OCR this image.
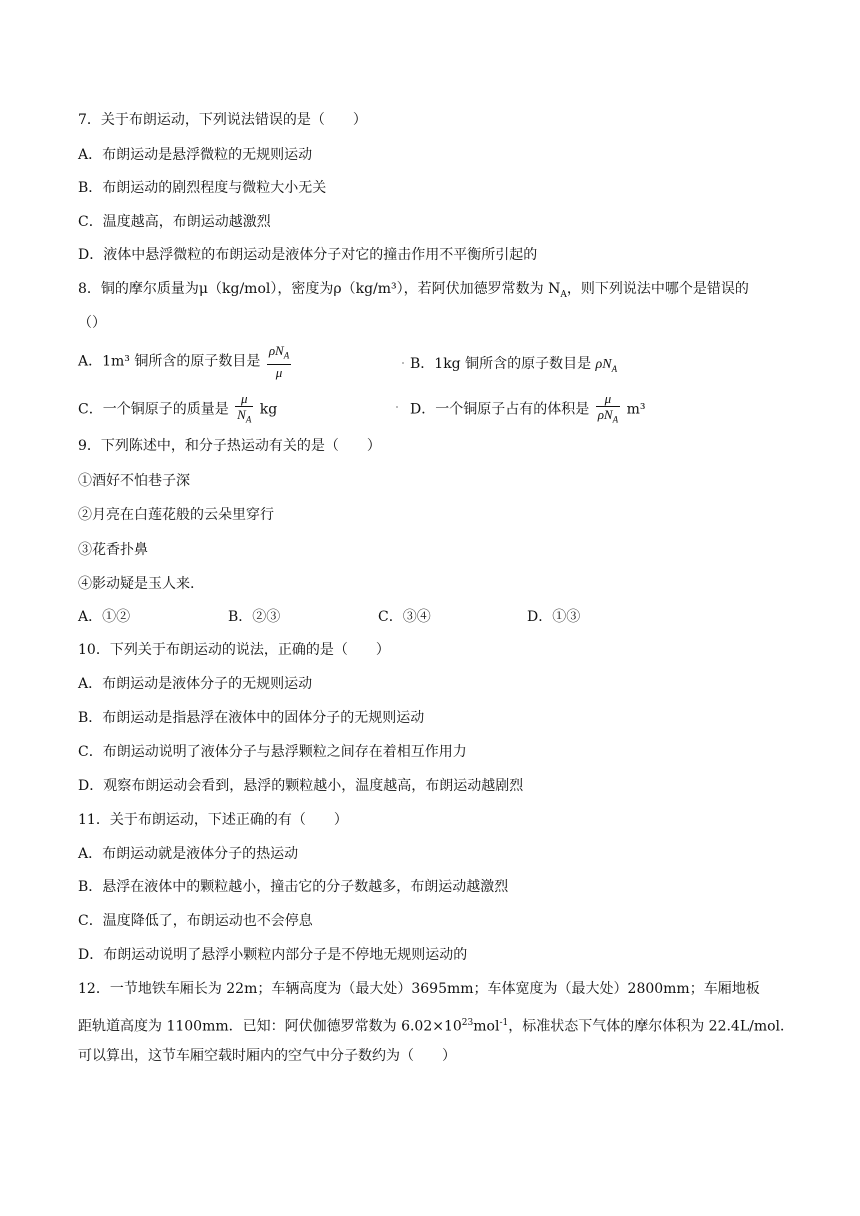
7．关于布朗运动，下列说法错误的是（　　）
A．布朗运动是悬浮微粒的无规则运动
B．布朗运动的剧烈程度与微粒大小无关
C．温度越高，布朗运动越激烈
D．液体中悬浮微粒的布朗运动是液体分子对它的撞击作用不平衡所引起的
8．铜的摩尔质量为μ（kg/mol），密度为ρ（kg/m³），若阿伏加德罗常数为 $N_A$，则下列说法中哪个是错误的
（）
A．1m³ 铜所含的原子数目是 $\frac{\rho N_A}{\mu}$	B．1kg 铜所含的原子数目是 $\rho N_A$
C．一个铜原子的质量是 $\frac{\mu}{N_A}$ kg	D．一个铜原子占有的体积是 $\frac{\mu}{\rho N_A} m^3$
9．下列陈述中，和分子热运动有关的是（　　）
①酒好不怕巷子深
②月亮在白莲花般的云朵里穿行
③花香扑鼻
④影动疑是玉人来.
A．①②	B．②③	C．③④	D．①③
10．下列关于布朗运动的说法，正确的是（　　）
A．布朗运动是液体分子的无规则运动
B．布朗运动是指悬浮在液体中的固体分子的无规则运动
C．布朗运动说明了液体分子与悬浮颗粒之间存在着相互作用力
D．观察布朗运动会看到，悬浮的颗粒越小，温度越高，布朗运动越剧烈
11．关于布朗运动，下述正确的有（　　）
A．布朗运动就是液体分子的热运动
B．悬浮在液体中的颗粒越小，撞击它的分子数越多，布朗运动越激烈
C．温度降低了，布朗运动也不会停息
D．布朗运动说明了悬浮小颗粒内部分子是不停地无规则运动的
12．一节地铁车厢长为 22m；车辆高度为（最大处）3695mm；车体宽度为（最大处）2800mm；车厢地板
距轨道高度为 1100mm．已知：阿伏伽德罗常数为 $6.02\times 10^{23}mol^{-1}$，标准状态下气体的摩尔体积为 22.4L/mol．
可以算出，这节车厢空载时厢内的空气中分子数约为（　　）
